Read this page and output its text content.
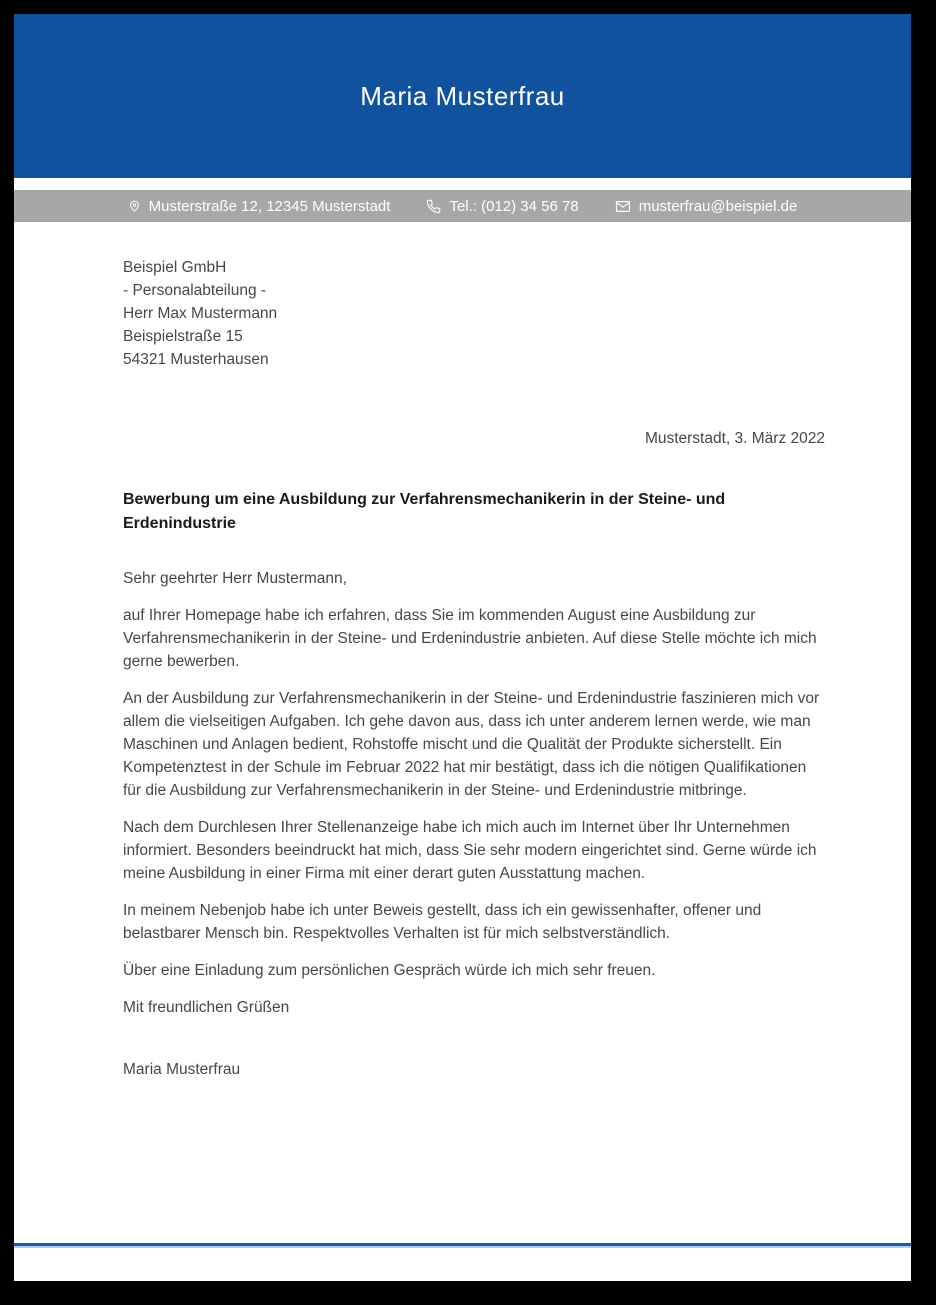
Maria Musterfrau
Musterstraße 12, 12345 Musterstadt	Tel.: (012) 34 56 78	musterfrau@beispiel.de
Beispiel GmbH
- Personalabteilung -
Herr Max Mustermann
Beispielstraße 15
54321 Musterhausen
Musterstadt, 3. März 2022
Bewerbung um eine Ausbildung zur Verfahrensmechanikerin in der Steine- und Erdenindustrie
Sehr geehrter Herr Mustermann,

auf Ihrer Homepage habe ich erfahren, dass Sie im kommenden August eine Ausbildung zur Verfahrensmechanikerin in der Steine- und Erdenindustrie anbieten. Auf diese Stelle möchte ich mich gerne bewerben.

An der Ausbildung zur Verfahrensmechanikerin in der Steine- und Erdenindustrie faszinieren mich vor allem die vielseitigen Aufgaben. Ich gehe davon aus, dass ich unter anderem lernen werde, wie man Maschinen und Anlagen bedient, Rohstoffe mischt und die Qualität der Produkte sicherstellt. Ein Kompetenztest in der Schule im Februar 2022 hat mir bestätigt, dass ich die nötigen Qualifikationen für die Ausbildung zur Verfahrensmechanikerin in der Steine- und Erdenindustrie mitbringe.

Nach dem Durchlesen Ihrer Stellenanzeige habe ich mich auch im Internet über Ihr Unternehmen informiert. Besonders beeindruckt hat mich, dass Sie sehr modern eingerichtet sind. Gerne würde ich meine Ausbildung in einer Firma mit einer derart guten Ausstattung machen.

In meinem Nebenjob habe ich unter Beweis gestellt, dass ich ein gewissenhafter, offener und belastbarer Mensch bin. Respektvolles Verhalten ist für mich selbstverständlich.

Über eine Einladung zum persönlichen Gespräch würde ich mich sehr freuen.

Mit freundlichen Grüßen
Maria Musterfrau
